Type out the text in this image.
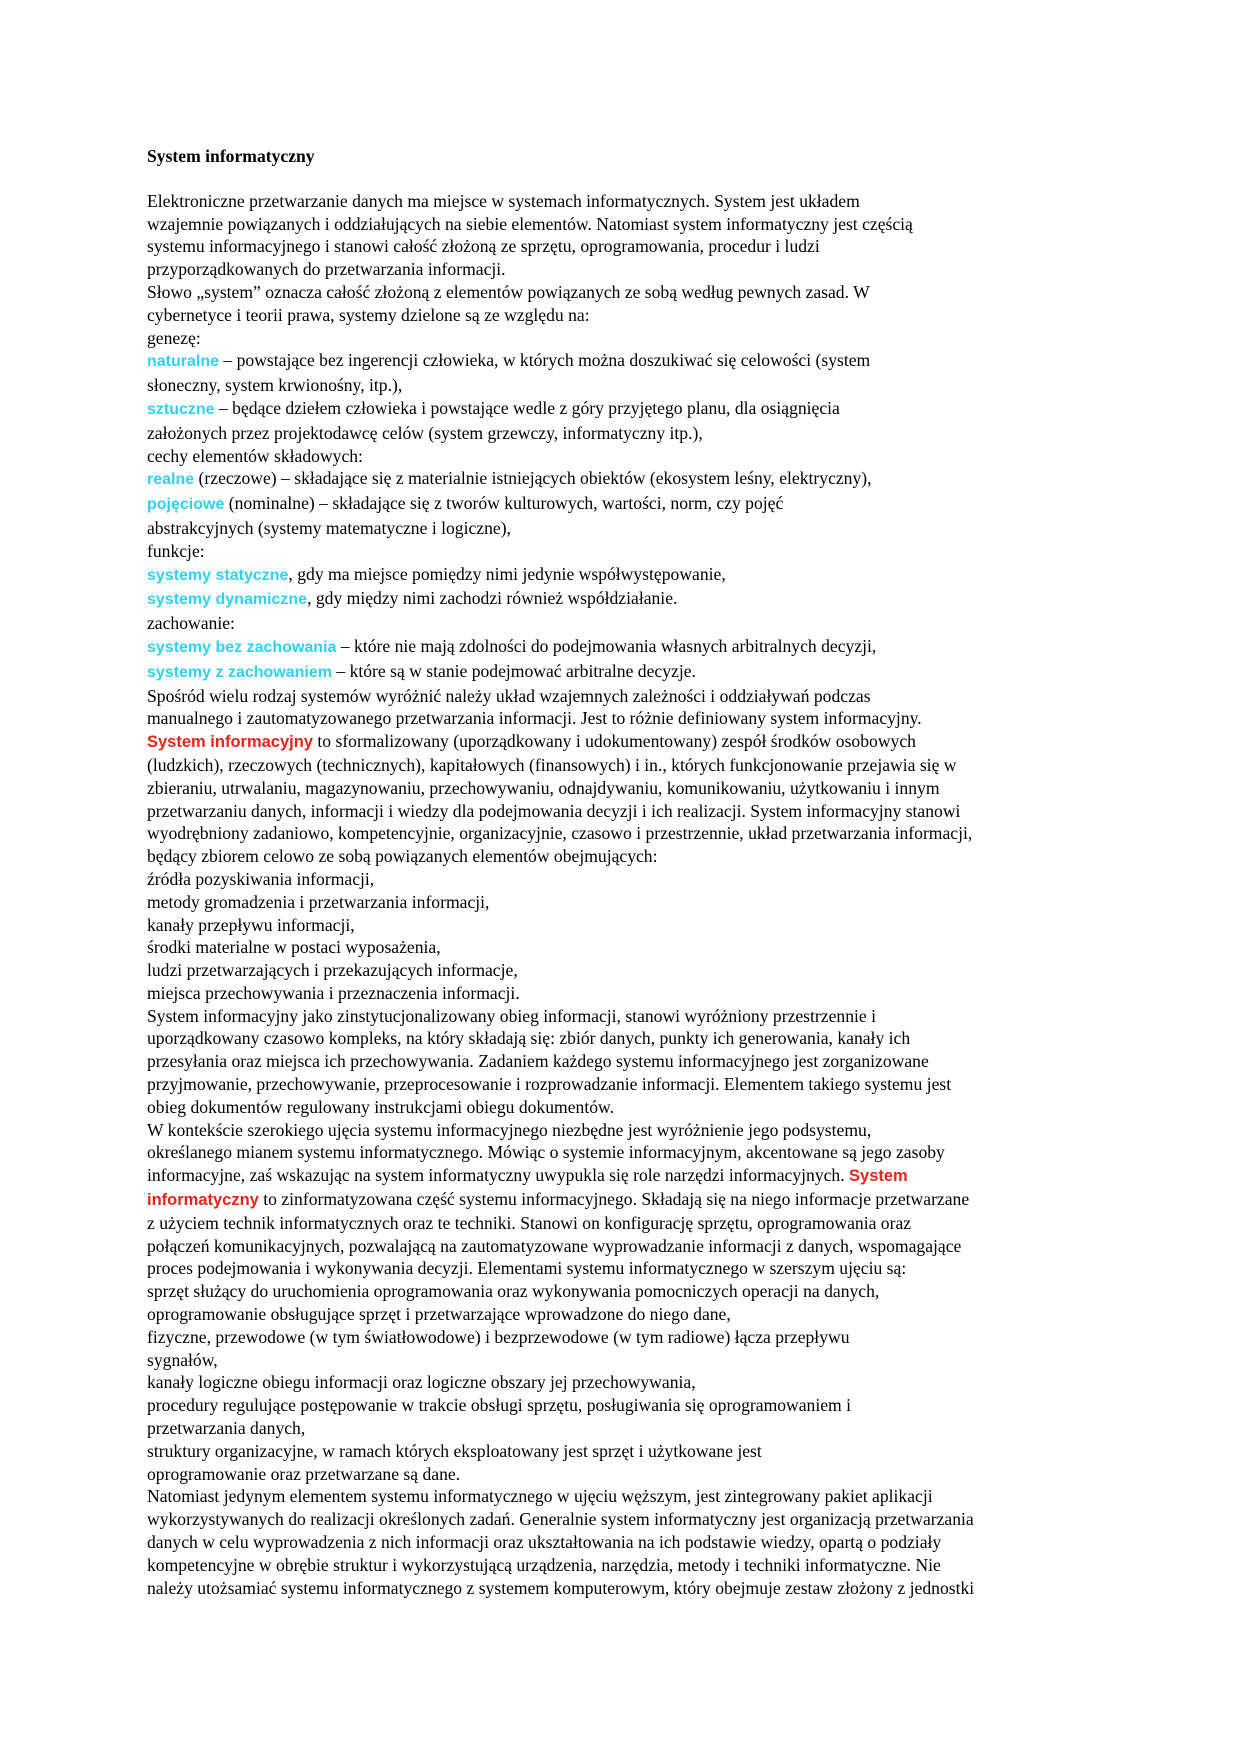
System informatyczny
Elektroniczne przetwarzanie danych ma miejsce w systemach informatycznych. System jest układem
wzajemnie powiązanych i oddziałujących na siebie elementów. Natomiast system informatyczny jest częścią
systemu informacyjnego i stanowi całość złożoną ze sprzętu, oprogramowania, procedur i ludzi
przyporządkowanych do przetwarzania informacji.
Słowo „system” oznacza całość złożoną z elementów powiązanych ze sobą według pewnych zasad. W
cybernetyce i teorii prawa, systemy dzielone są ze względu na:
genezę:
naturalne – powstające bez ingerencji człowieka, w których można doszukiwać się celowości (system
słoneczny, system krwionośny, itp.),
sztuczne – będące dziełem człowieka i powstające wedle z góry przyjętego planu, dla osiągnięcia
założonych przez projektodawcę celów (system grzewczy, informatyczny itp.),
cechy elementów składowych:
realne (rzeczowe) – składające się z materialnie istniejących obiektów (ekosystem leśny, elektryczny),
pojęciowe (nominalne) – składające się z tworów kulturowych, wartości, norm, czy pojęć
abstrakcyjnych (systemy matematyczne i logiczne),
funkcje:
systemy statyczne, gdy ma miejsce pomiędzy nimi jedynie współwystępowanie,
systemy dynamiczne, gdy między nimi zachodzi również współdziałanie.
zachowanie:
systemy bez zachowania – które nie mają zdolności do podejmowania własnych arbitralnych decyzji,
systemy z zachowaniem – które są w stanie podejmować arbitralne decyzje.
Spośród wielu rodzaj systemów wyróżnić należy układ wzajemnych zależności i oddziaływań podczas
manualnego i zautomatyzowanego przetwarzania informacji. Jest to różnie definiowany system informacyjny.
System informacyjny to sformalizowany (uporządkowany i udokumentowany) zespół środków osobowych
(ludzkich), rzeczowych (technicznych), kapitałowych (finansowych) i in., których funkcjonowanie przejawia się w
zbieraniu, utrwalaniu, magazynowaniu, przechowywaniu, odnajdywaniu, komunikowaniu, użytkowaniu i innym
przetwarzaniu danych, informacji i wiedzy dla podejmowania decyzji i ich realizacji. System informacyjny stanowi
wyodrębniony zadaniowo, kompetencyjnie, organizacyjnie, czasowo i przestrzennie, układ przetwarzania informacji,
będący zbiorem celowo ze sobą powiązanych elementów obejmujących:
źródła pozyskiwania informacji,
metody gromadzenia i przetwarzania informacji,
kanały przepływu informacji,
środki materialne w postaci wyposażenia,
ludzi przetwarzających i przekazujących informacje,
miejsca przechowywania i przeznaczenia informacji.
System informacyjny jako zinstytucjonalizowany obieg informacji, stanowi wyróżniony przestrzennie i
uporządkowany czasowo kompleks, na który składają się: zbiór danych, punkty ich generowania, kanały ich
przesyłania oraz miejsca ich przechowywania. Zadaniem każdego systemu informacyjnego jest zorganizowane
przyjmowanie, przechowywanie, przeprocesowanie i rozprowadzanie informacji. Elementem takiego systemu jest
obieg dokumentów regulowany instrukcjami obiegu dokumentów.
W kontekście szerokiego ujęcia systemu informacyjnego niezbędne jest wyróżnienie jego podsystemu,
określanego mianem systemu informatycznego. Mówiąc o systemie informacyjnym, akcentowane są jego zasoby
informacyjne, zaś wskazując na system informatyczny uwypukla się role narzędzi informacyjnych. System
informatyczny to zinformatyzowana część systemu informacyjnego. Składają się na niego informacje przetwarzane
z użyciem technik informatycznych oraz te techniki. Stanowi on konfigurację sprzętu, oprogramowania oraz
połączeń komunikacyjnych, pozwalającą na zautomatyzowane wyprowadzanie informacji z danych, wspomagające
proces podejmowania i wykonywania decyzji. Elementami systemu informatycznego w szerszym ujęciu są:
sprzęt służący do uruchomienia oprogramowania oraz wykonywania pomocniczych operacji na danych,
oprogramowanie obsługujące sprzęt i przetwarzające wprowadzone do niego dane,
fizyczne, przewodowe (w tym światłowodowe) i bezprzewodowe (w tym radiowe) łącza przepływu
sygnałów,
kanały logiczne obiegu informacji oraz logiczne obszary jej przechowywania,
procedury regulujące postępowanie w trakcie obsługi sprzętu, posługiwania się oprogramowaniem i
przetwarzania danych,
struktury organizacyjne, w ramach których eksploatowany jest sprzęt i użytkowane jest
oprogramowanie oraz przetwarzane są dane.
Natomiast jedynym elementem systemu informatycznego w ujęciu węższym, jest zintegrowany pakiet aplikacji
wykorzystywanych do realizacji określonych zadań. Generalnie system informatyczny jest organizacją przetwarzania
danych w celu wyprowadzenia z nich informacji oraz ukształtowania na ich podstawie wiedzy, opartą o podziały
kompetencyjne w obrębie struktur i wykorzystującą urządzenia, narzędzia, metody i techniki informatyczne. Nie
należy utożsamiać systemu informatycznego z systemem komputerowym, który obejmuje zestaw złożony z jednostki
